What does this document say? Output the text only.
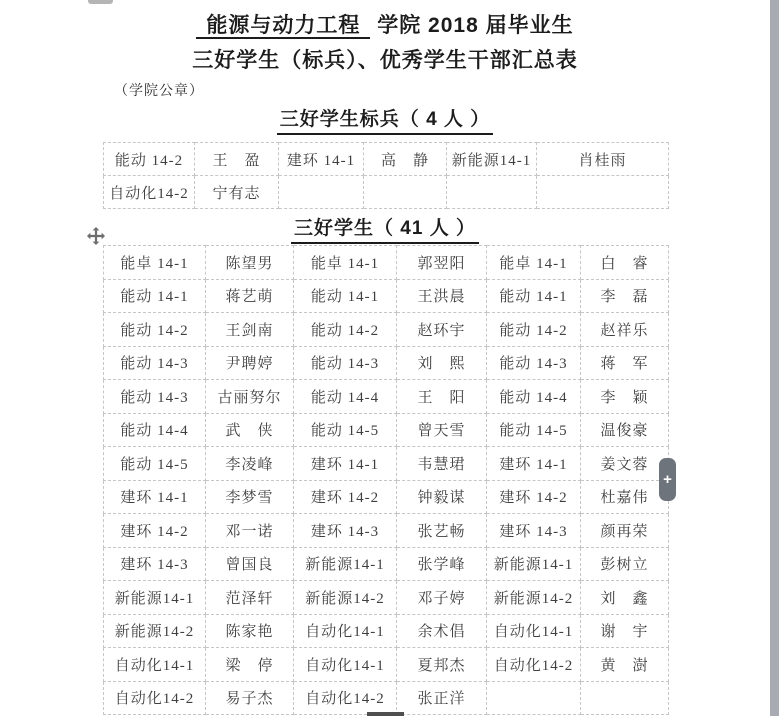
能源与动力工程 学院 2018 届毕业生
三好学生（标兵）、优秀学生干部汇总表
（学院公章）
三好学生标兵（ 4 人 ）
能动 14-2	王　盈	建环 14-1	高　静	新能源14-1	肖桂雨
自动化14-2	宁有志				
三好学生（ 41 人 ）
能卓 14-1	陈望男	能卓 14-1	郭翌阳	能卓 14-1	白　睿
能动 14-1	蒋艺萌	能动 14-1	王洪晨	能动 14-1	李　磊
能动 14-2	王剑南	能动 14-2	赵环宇	能动 14-2	赵祥乐
能动 14-3	尹聘婷	能动 14-3	刘　熙	能动 14-3	蒋　军
能动 14-3	古丽努尔	能动 14-4	王　阳	能动 14-4	李　颖
能动 14-4	武　侠	能动 14-5	曾天雪	能动 14-5	温俊豪
能动 14-5	李凌峰	建环 14-1	韦慧珺	建环 14-1	姜文蓉
建环 14-1	李梦雪	建环 14-2	钟毅谋	建环 14-2	杜嘉伟
建环 14-2	邓一诺	建环 14-3	张艺畅	建环 14-3	颜再荣
建环 14-3	曾国良	新能源14-1	张学峰	新能源14-1	彭树立
新能源14-1	范泽轩	新能源14-2	邓子婷	新能源14-2	刘　鑫
新能源14-2	陈家艳	自动化14-1	余术倡	自动化14-1	谢　宇
自动化14-1	梁　停	自动化14-1	夏邦杰	自动化14-2	黄　澍
自动化14-2	易子杰	自动化14-2	张正洋		
+
